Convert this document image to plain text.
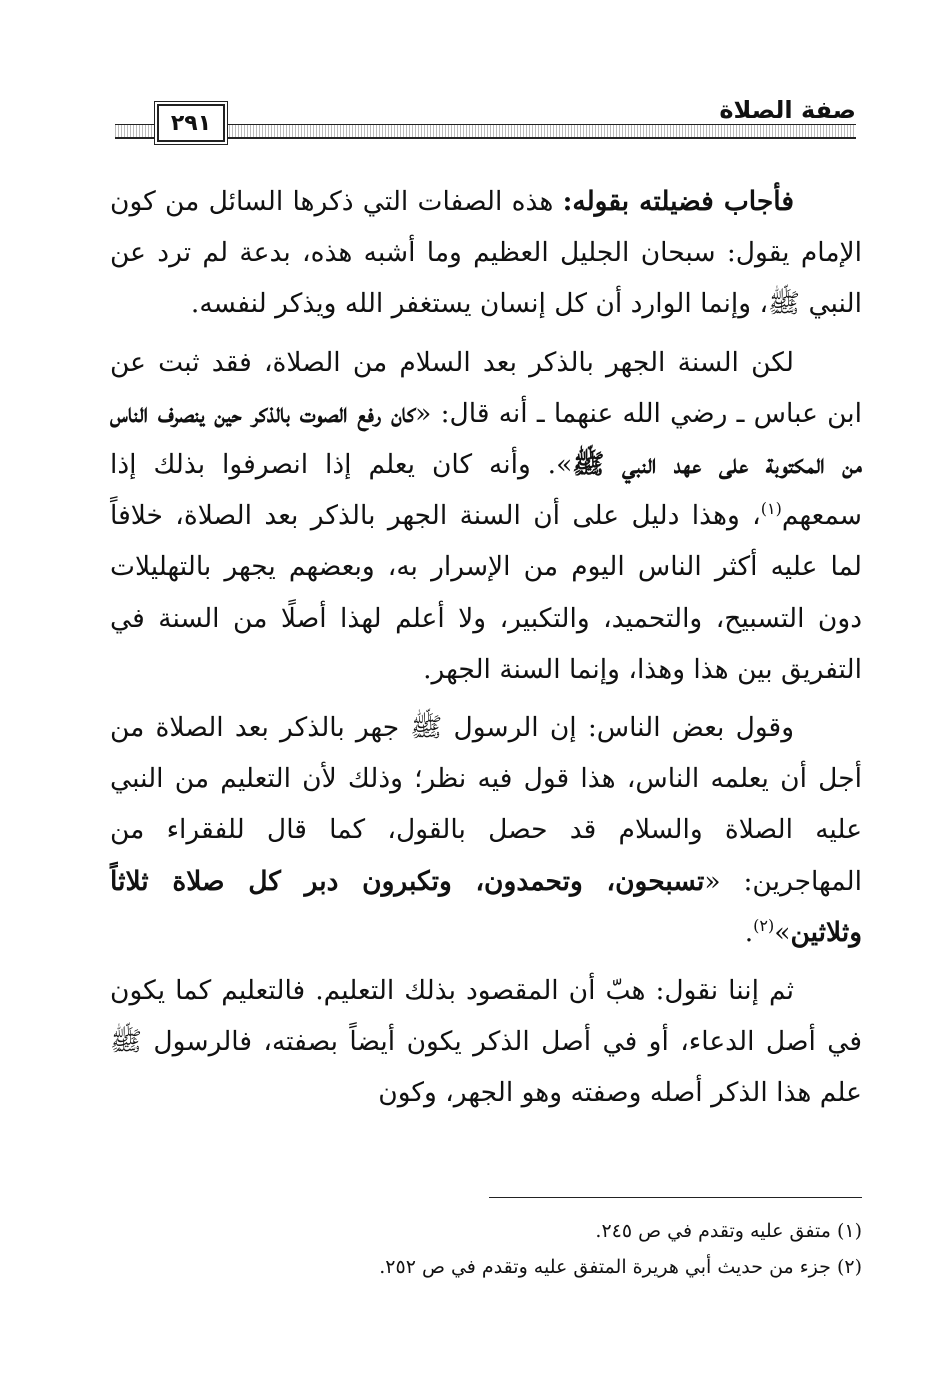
٢٩١	صفة الصلاة

فأجاب فضيلته بقوله: هذه الصفات التي ذكرها السائل من كون الإمام يقول: سبحان الجليل العظيم وما أشبه هذه، بدعة لم ترد عن النبي ﷺ، وإنما الوارد أن كل إنسان يستغفر الله ويذكر لنفسه.

لكن السنة الجهر بالذكر بعد السلام من الصلاة، فقد ثبت عن ابن عباس ـ رضي الله عنهما ـ أنه قال: «كان رفع الصوت بالذكر حين ينصرف الناس من المكتوبة على عهد النبي ﷺ». وأنه كان يعلم إذا انصرفوا بذلك إذا سمعهم$^{(١)}$، وهذا دليل على أن السنة الجهر بالذكر بعد الصلاة، خلافاً لما عليه أكثر الناس اليوم من الإسرار به، وبعضهم يجهر بالتهليلات دون التسبيح، والتحميد، والتكبير، ولا أعلم لهذا أصلًا من السنة في التفريق بين هذا وهذا، وإنما السنة الجهر.

وقول بعض الناس: إن الرسول ﷺ جهر بالذكر بعد الصلاة من أجل أن يعلمه الناس، هذا قول فيه نظر؛ وذلك لأن التعليم من النبي عليه الصلاة والسلام قد حصل بالقول، كما قال للفقراء من المهاجرين: «تسبحون، وتحمدون، وتكبرون دبر كل صلاة ثلاثاً وثلاثين»$^{(٢)}$.

ثم إننا نقول: هبّ أن المقصود بذلك التعليم. فالتعليم كما يكون في أصل الدعاء، أو في أصل الذكر يكون أيضاً بصفته، فالرسول ﷺ علم هذا الذكر أصله وصفته وهو الجهر، وكون

(١) متفق عليه وتقدم في ص ٢٤٥.
(٢) جزء من حديث أبي هريرة المتفق عليه وتقدم في ص ٢٥٢.
